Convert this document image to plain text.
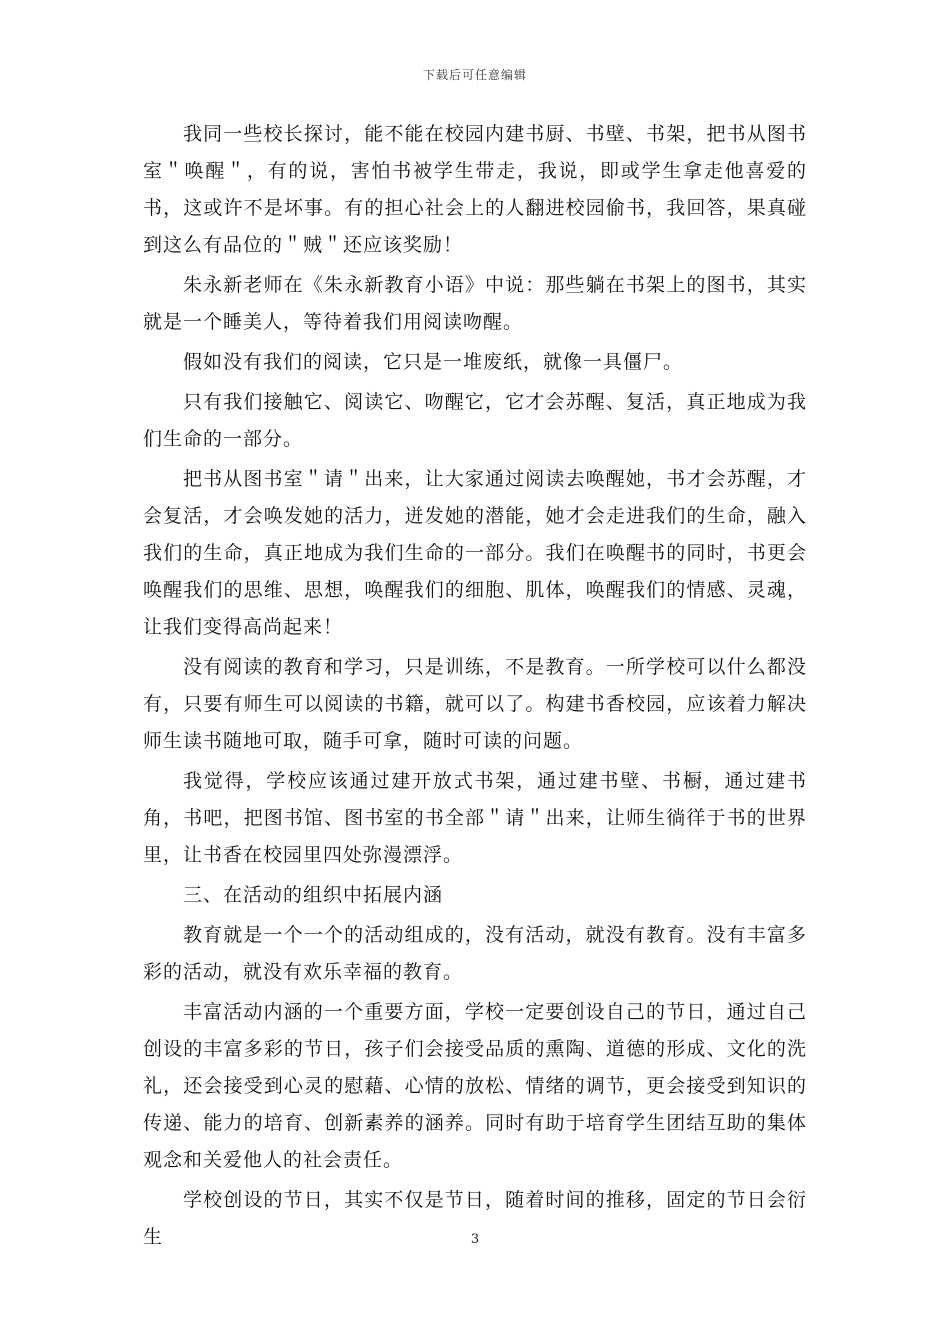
下载后可任意编辑

我同一些校长探讨，能不能在校园内建书厨、书壁、书架，把书从图书室＂唤醒＂，有的说，害怕书被学生带走，我说，即或学生拿走他喜爱的书，这或许不是坏事。有的担心社会上的人翻进校园偷书，我回答，果真碰到这么有品位的＂贼＂还应该奖励！

朱永新老师在《朱永新教育小语》中说：那些躺在书架上的图书，其实就是一个睡美人，等待着我们用阅读吻醒。

假如没有我们的阅读，它只是一堆废纸，就像一具僵尸。

只有我们接触它、阅读它、吻醒它，它才会苏醒、复活，真正地成为我们生命的一部分。

把书从图书室＂请＂出来，让大家通过阅读去唤醒她，书才会苏醒，才会复活，才会唤发她的活力，迸发她的潜能，她才会走进我们的生命，融入我们的生命，真正地成为我们生命的一部分。我们在唤醒书的同时，书更会唤醒我们的思维、思想，唤醒我们的细胞、肌体，唤醒我们的情感、灵魂，让我们变得高尚起来！

没有阅读的教育和学习，只是训练，不是教育。一所学校可以什么都没有，只要有师生可以阅读的书籍，就可以了。构建书香校园，应该着力解决师生读书随地可取，随手可拿，随时可读的问题。

我觉得，学校应该通过建开放式书架，通过建书壁、书橱，通过建书角，书吧，把图书馆、图书室的书全部＂请＂出来，让师生徜徉于书的世界里，让书香在校园里四处弥漫漂浮。

三、在活动的组织中拓展内涵

教育就是一个一个的活动组成的，没有活动，就没有教育。没有丰富多彩的活动，就没有欢乐幸福的教育。

丰富活动内涵的一个重要方面，学校一定要创设自己的节日，通过自己创设的丰富多彩的节日，孩子们会接受品质的熏陶、道德的形成、文化的洗礼，还会接受到心灵的慰藉、心情的放松、情绪的调节，更会接受到知识的传递、能力的培育、创新素养的涵养。同时有助于培育学生团结互助的集体观念和关爱他人的社会责任。

学校创设的节日，其实不仅是节日，随着时间的推移，固定的节日会衍生	3
